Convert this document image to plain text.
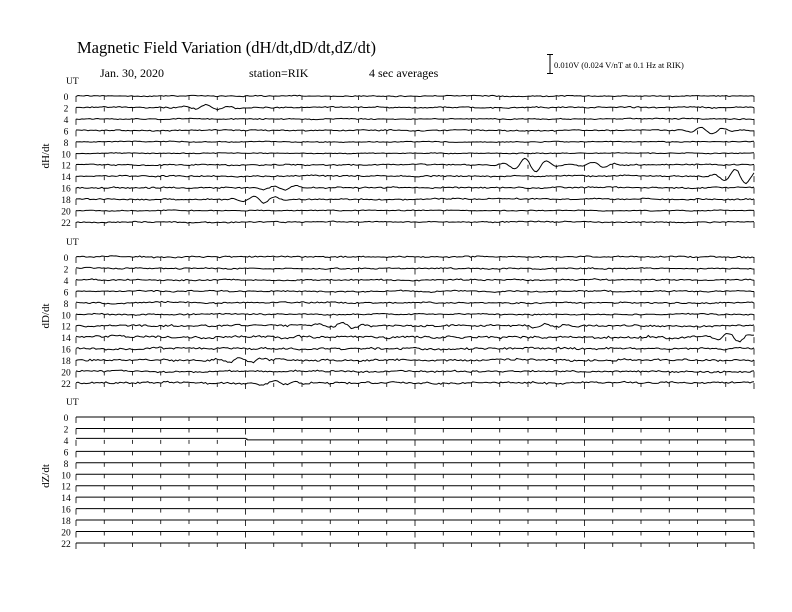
Magnetic Field Variation (dH/dt,dD/dt,dZ/dt)
Jan. 30, 2020	station=RIK	4 sec averages
0.010V (0.024 V/nT at 0.1 Hz at RIK)
UT
dH/dt
0
2
4
6
8
10
12
14
16
18
20
22
UT
dD/dt
0
2
4
6
8
10
12
14
16
18
20
22
UT
dZ/dt
0
2
4
6
8
10
12
14
16
18
20
22
